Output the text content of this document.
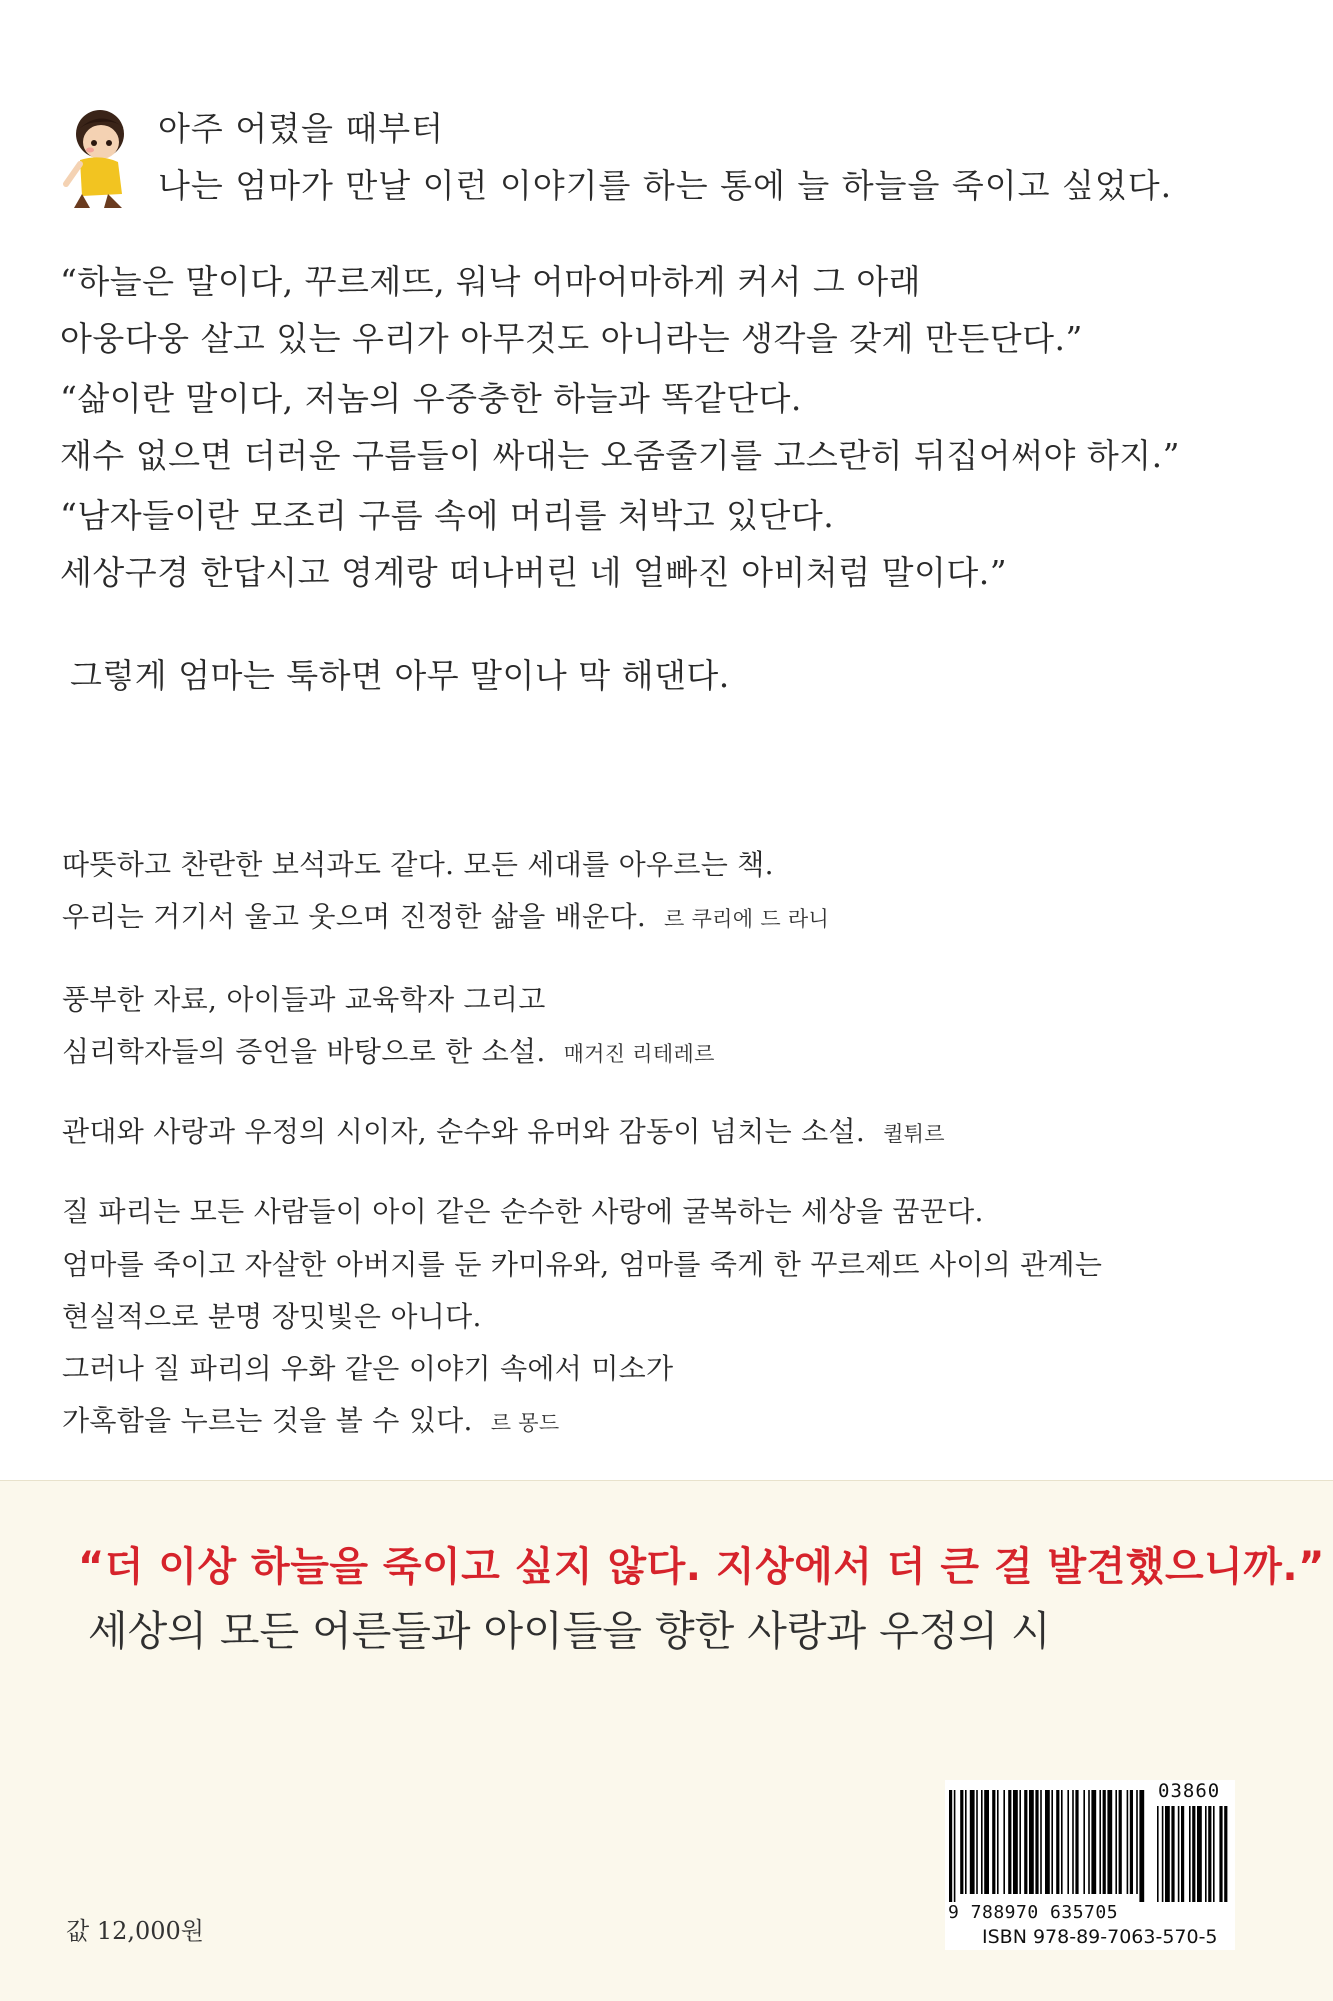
아주 어렸을 때부터
나는 엄마가 만날 이런 이야기를 하는 통에 늘 하늘을 죽이고 싶었다.
“하늘은 말이다, 꾸르제뜨, 워낙 어마어마하게 커서 그 아래
아웅다웅 살고 있는 우리가 아무것도 아니라는 생각을 갖게 만든단다.”
“삶이란 말이다, 저놈의 우중충한 하늘과 똑같단다.
재수 없으면 더러운 구름들이 싸대는 오줌줄기를 고스란히 뒤집어써야 하지.”
“남자들이란 모조리 구름 속에 머리를 처박고 있단다.
세상구경 한답시고 영계랑 떠나버린 네 얼빠진 아비처럼 말이다.”
그렇게 엄마는 툭하면 아무 말이나 막 해댄다.
따뜻하고 찬란한 보석과도 같다. 모든 세대를 아우르는 책.
우리는 거기서 울고 웃으며 진정한 삶을 배운다. 르 쿠리에 드 라니
풍부한 자료, 아이들과 교육학자 그리고
심리학자들의 증언을 바탕으로 한 소설. 매거진 리테레르
관대와 사랑과 우정의 시이자, 순수와 유머와 감동이 넘치는 소설. 퀼튀르
질 파리는 모든 사람들이 아이 같은 순수한 사랑에 굴복하는 세상을 꿈꾼다.
엄마를 죽이고 자살한 아버지를 둔 카미유와, 엄마를 죽게 한 꾸르제뜨 사이의 관계는
현실적으로 분명 장밋빛은 아니다.
그러나 질 파리의 우화 같은 이야기 속에서 미소가
가혹함을 누르는 것을 볼 수 있다. 르 몽드
“더 이상 하늘을 죽이고 싶지 않다. 지상에서 더 큰 걸 발견했으니까.”
세상의 모든 어른들과 아이들을 향한 사랑과 우정의 시
값 12,000원
03860
9 788970 635705
ISBN 978-89-7063-570-5
